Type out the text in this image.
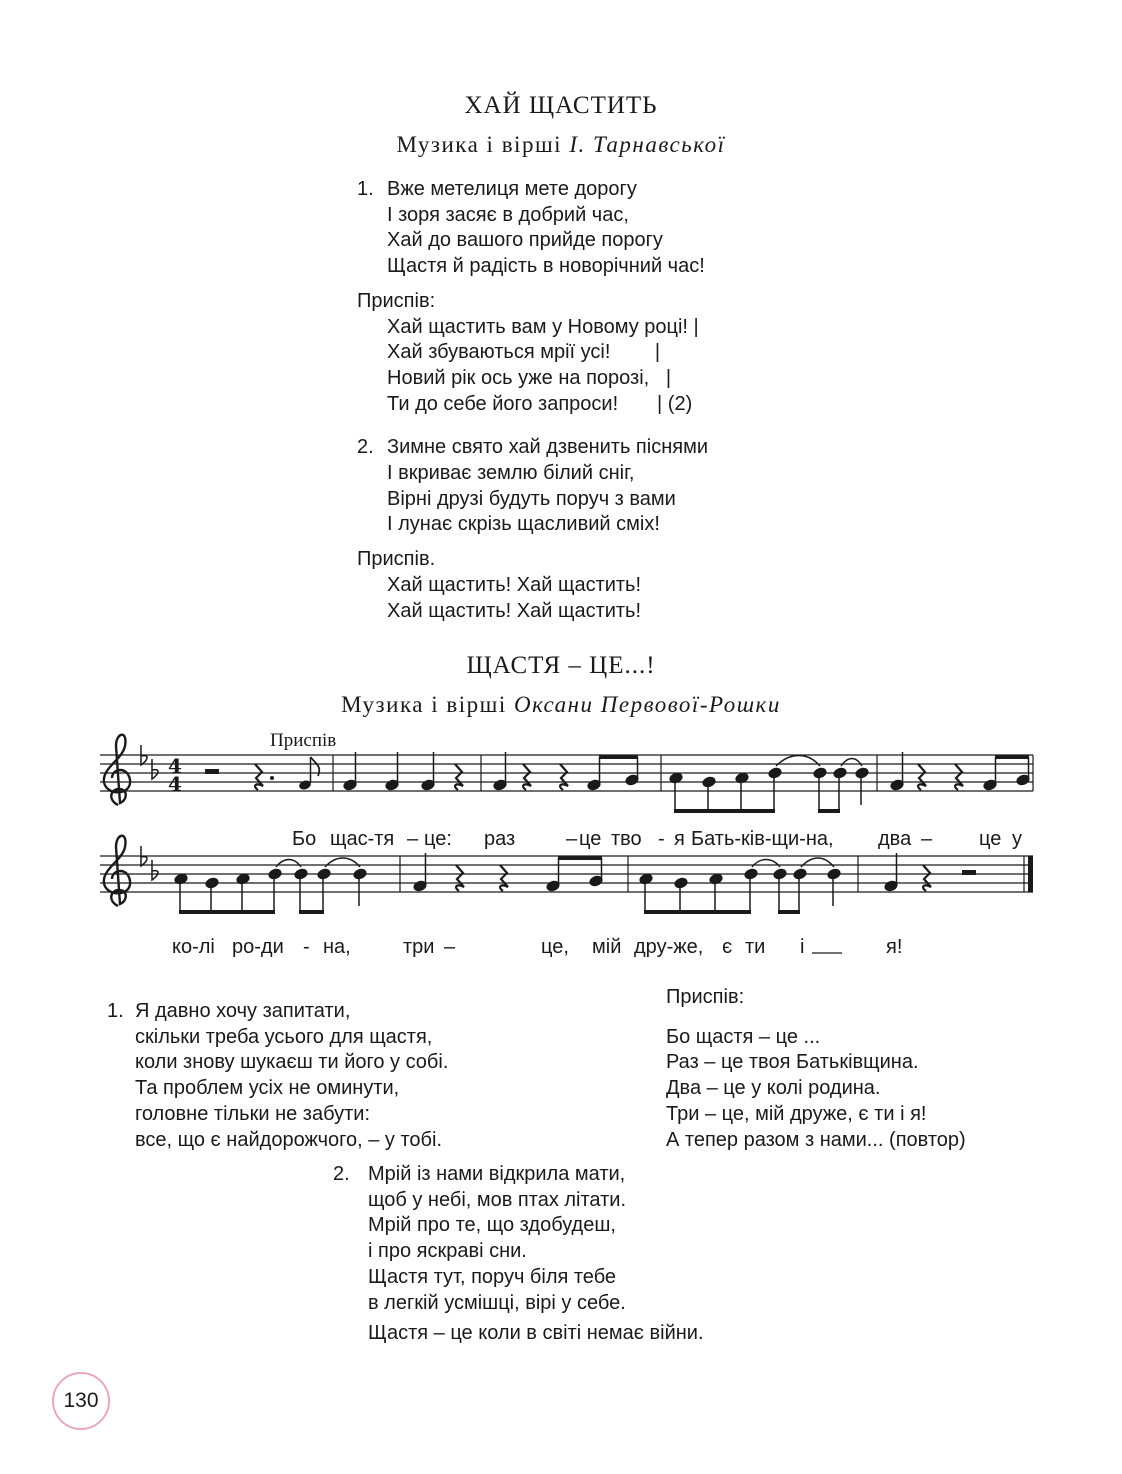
ХАЙ ЩАСТИТЬ
Музика і вірші І. Тарнавської
1. Вже метелиця мете дорогу
І зоря засяє в добрий час,
Хай до вашого прийде порогу
Щастя й радість в новорічний час!
Приспів:
Хай щастить вам у Новому році! |
Хай збуваються мрії усі!        |
Новий рік ось уже на порозі,   |
Ти до себе його запроси!       | (2)
2. Зимне свято хай дзвенить піснями
І вкриває землю білий сніг,
Вірні друзі будуть поруч з вами
І лунає скрізь щасливий сміх!
Приспів.
Хай щастить! Хай щастить!
Хай щастить! Хай щастить!
ЩАСТЯ – ЦЕ...!
Музика і вірші Оксани Первової-Рошки
Приспів
4
4
Бо щас-тя – це: раз	– це тво - я Бать-ків-щи-на, два – це у
ко-лі ро-ди - на,	три –	це, мій дру-же, є ти і	я!
1. Я давно хочу запитати,
скільки треба усього для щастя,
коли знову шукаєш ти його у собі.
Та проблем усіх не оминути,
головне тільки не забути:
все, що є найдорожчого, – у тобі.
Приспів:
Бо щастя – це ...
Раз – це твоя Батьківщина.
Два – це у колі родина.
Три – це, мій друже, є ти і я!
А тепер разом з нами... (повтор)
2. Мрій із нами відкрила мати,
щоб у небі, мов птах літати.
Мрій про те, що здобудеш,
і про яскраві сни.
Щастя тут, поруч біля тебе
в легкій усмішці, вірі у себе.
Щастя – це коли в світі немає війни.
130
